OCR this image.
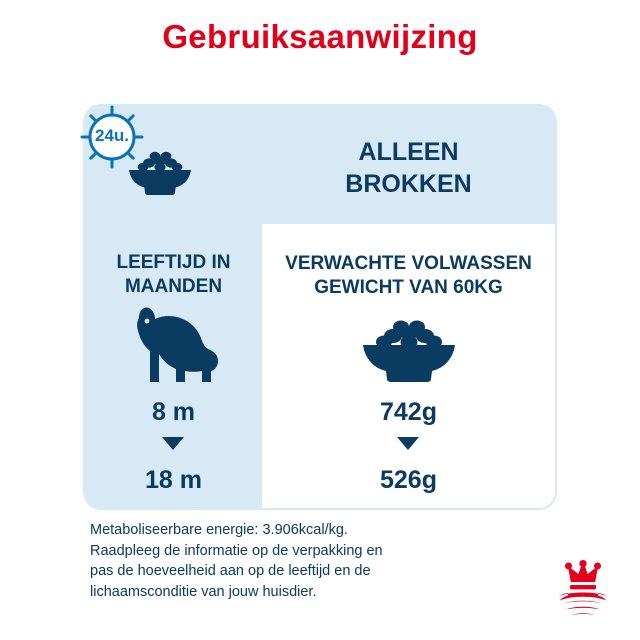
Gebruiksaanwijzing
ALLEEN
BROKKEN
LEEFTIJD IN
MAANDEN
VERWACHTE VOLWASSEN
GEWICHT VAN 60KG
8 m
18 m
742g
526g
24u.
Metaboliseerbare energie: 3.906kcal/kg.
Raadpleeg de informatie op de verpakking en
pas de hoeveelheid aan op de leeftijd en de
lichaamsconditie van jouw huisdier.
